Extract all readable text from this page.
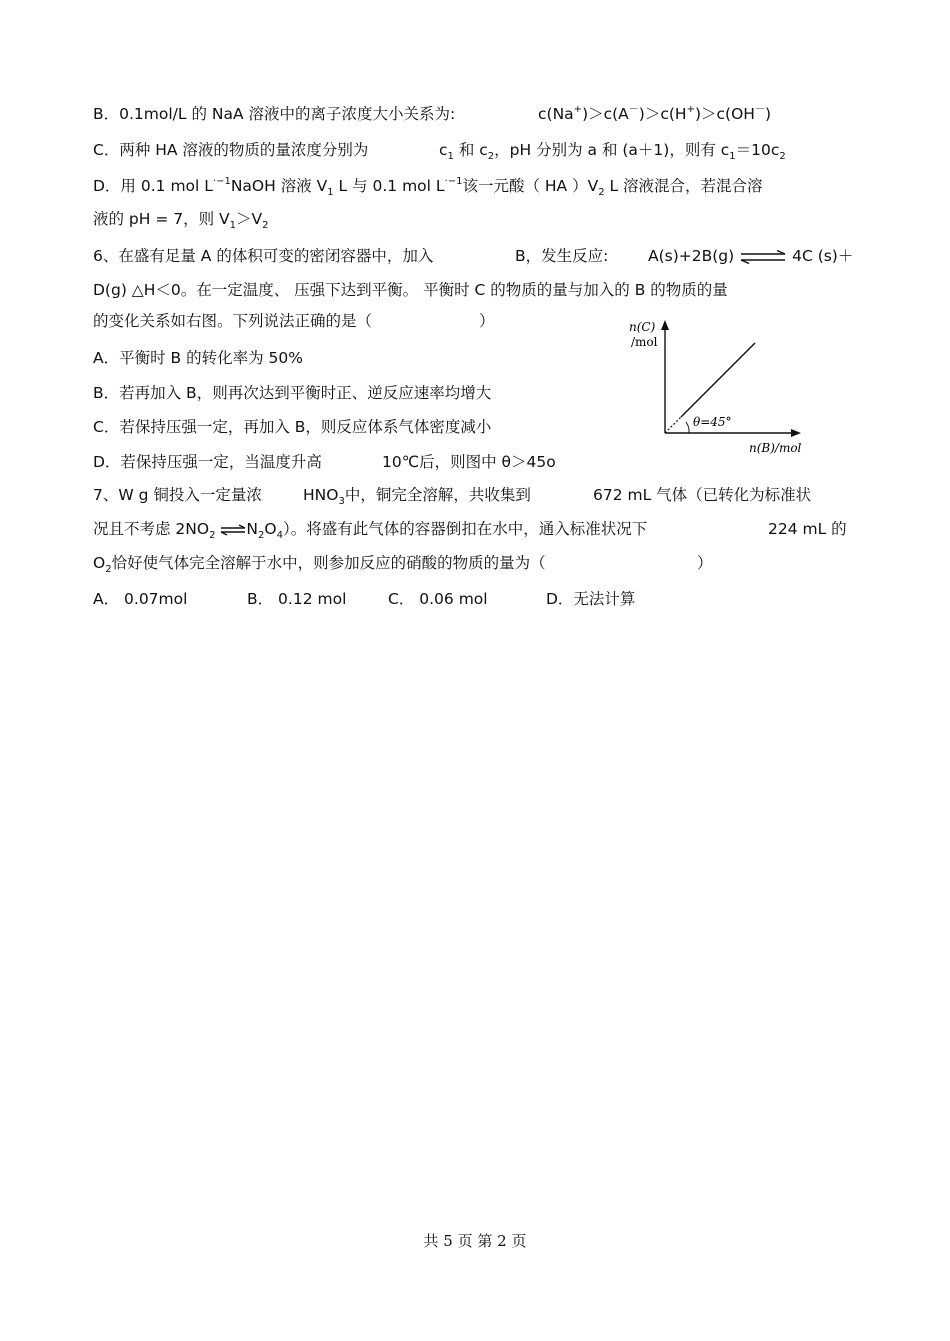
B．0.1mol/L 的 NaA 溶液中的离子浓度大小关系为:	c(Na+)＞c(A－)＞c(H+)＞c(OH－)
C．两种 HA 溶液的物质的量浓度分别为	$c_1$ 和 $c_2$，pH 分别为 a 和 (a＋1)，则有 $c_1=10c_2$
D．用 0.1 mol $L^{\cdot-1}NaOH$ 溶液 $V_1$ L 与 0.1 mol $L^{\cdot-1}$该一元酸（ HA ）$V_2$ L 溶液混合，若混合溶
液的 pH = 7，则 $V_1>V_2$
6、在盛有足量 A 的体积可变的密闭容器中，加入	B，发生反应:	A(s)+2B(g) ⇌ 4C (s)＋
D(g) △H＜0。在一定温度、 压强下达到平衡。 平衡时 C 的物质的量与加入的 B 的物质的量
的变化关系如右图。下列说法正确的是（	）
A．平衡时 B 的转化率为 50%
B．若再加入 B，则再次达到平衡时正、逆反应速率均增大
C．若保持压强一定，再加入 B，则反应体系气体密度减小
D．若保持压强一定，当温度升高	10℃后，则图中 θ＞45o
n(C)
/mol
θ=45°
n(B)/mol
7、W g 铜投入一定量浓	$HNO_3$中，铜完全溶解，共收集到	672 mL 气体（已转化为标准状
况且不考虑 $2NO_2$ $\rightleftharpoons N_2O_4$）。将盛有此气体的容器倒扣在水中，通入标准状况下	224 mL 的
$O_2$恰好使气体完全溶解于水中，则参加反应的硝酸的物质的量为（	）
A． 0.07mol	B． 0.12 mol	C． 0.06 mol	D．无法计算
共 5 页 第 2 页
